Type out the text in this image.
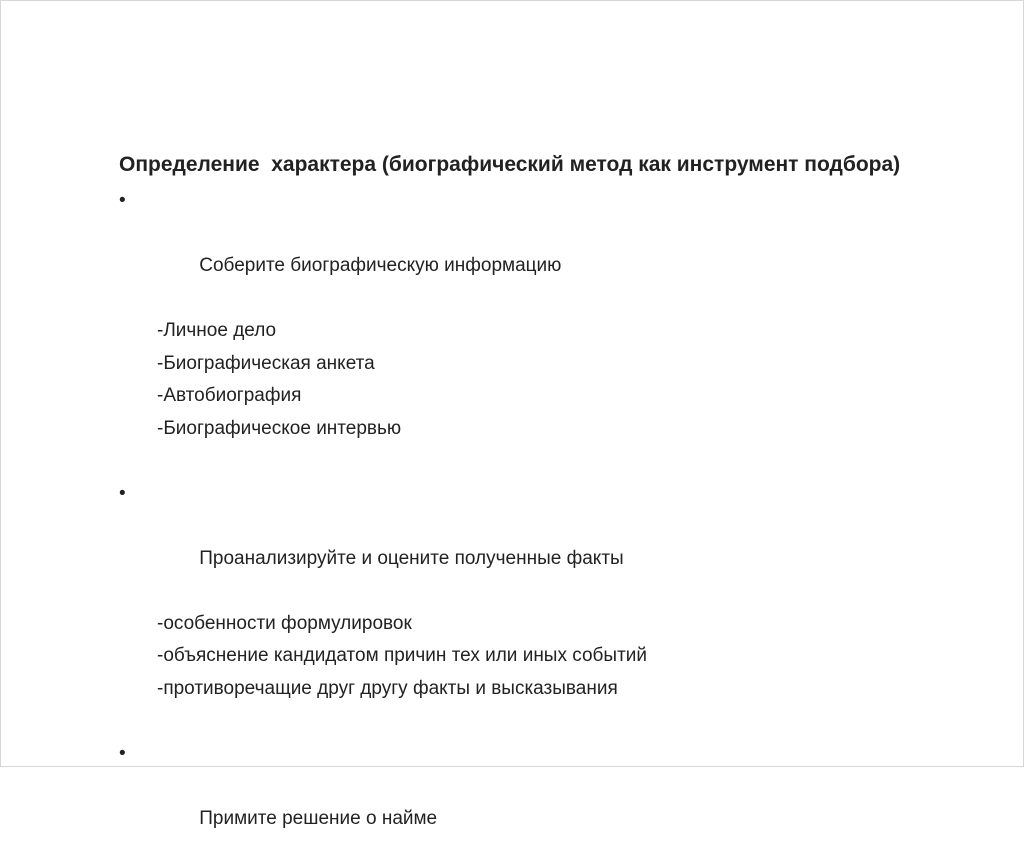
Определение  характера (биографический метод как инструмент подбора)

•

Соберите биографическую информацию

-Личное дело
-Биографическая анкета
-Автобиография
-Биографическое интервью

•

Проанализируйте и оцените полученные факты

-особенности формулировок
-объяснение кандидатом причин тех или иных событий
-противоречащие друг другу факты и высказывания

•

Примите решение о найме
